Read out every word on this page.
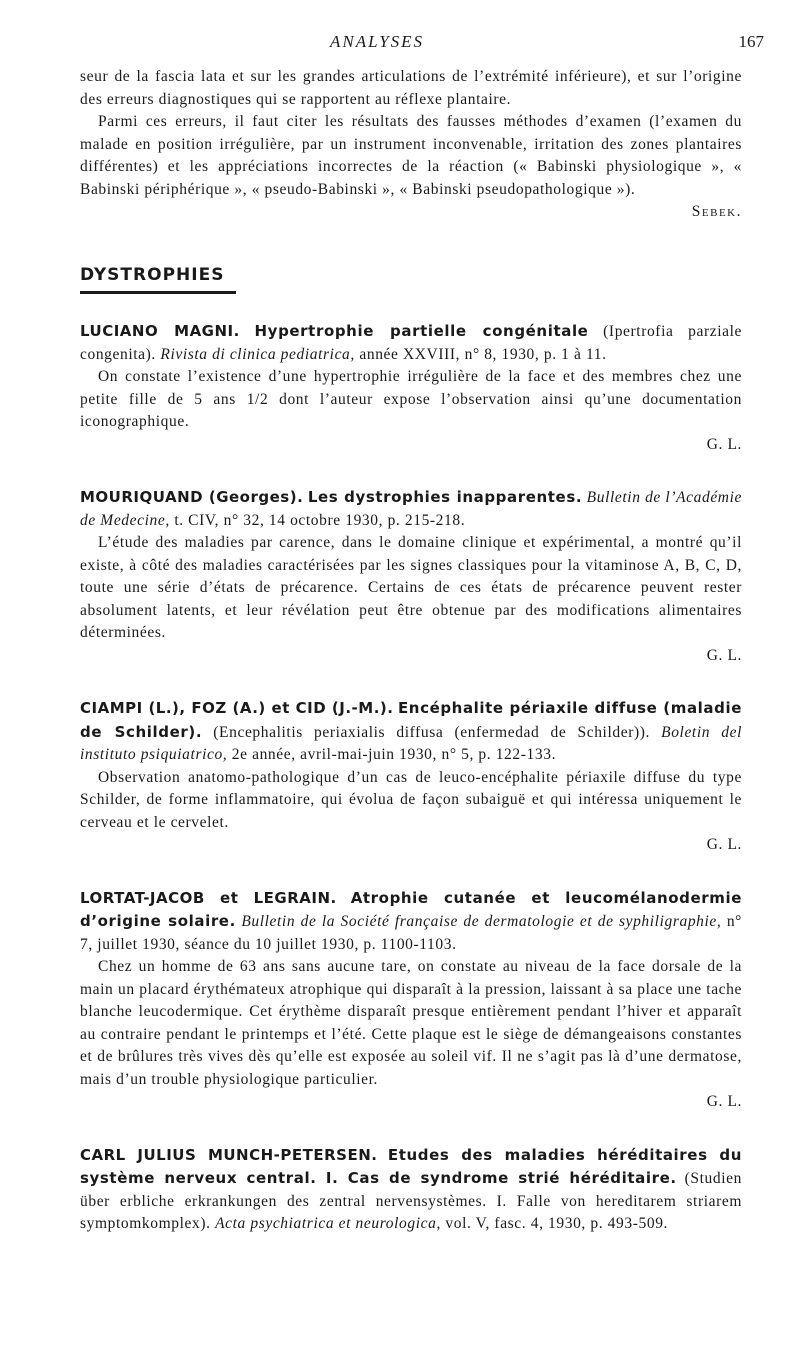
ANALYSES	167

seur de la fascia lata et sur les grandes articulations de l’extrémité inférieure), et sur l’origine des erreurs diagnostiques qui se rapportent au réflexe plantaire.

Parmi ces erreurs, il faut citer les résultats des fausses méthodes d’examen (l’examen du malade en position irrégulière, par un instrument inconvenable, irritation des zones plantaires différentes) et les appréciations incorrectes de la réaction (« Babinski physiologique », « Babinski périphérique », « pseudo-Babinski », « Babinski pseudopathologique »).

Sebek.
DYSTROPHIES

LUCIANO MAGNI. Hypertrophie partielle congénitale (Ipertrofia parziale congenita). Rivista di clinica pediatrica, année XXVIII, n° 8, 1930, p. 1 à 11.

On constate l’existence d’une hypertrophie irrégulière de la face et des membres chez une petite fille de 5 ans 1/2 dont l’auteur expose l’observation ainsi qu’une documentation iconographique.

G. L.

MOURIQUAND (Georges). Les dystrophies inapparentes. Bulletin de l’Académie de Medecine, t. CIV, n° 32, 14 octobre 1930, p. 215-218.

L’étude des maladies par carence, dans le domaine clinique et expérimental, a montré qu’il existe, à côté des maladies caractérisées par les signes classiques pour la vitaminose A, B, C, D, toute une série d’états de précarence. Certains de ces états de précarence peuvent rester absolument latents, et leur révélation peut être obtenue par des modifications alimentaires déterminées.

G. L.

CIAMPI (L.), FOZ (A.) et CID (J.-M.). Encéphalite périaxile diffuse (maladie de Schilder). (Encephalitis periaxialis diffusa (enfermedad de Schilder)). Boletin del instituto psiquiatrico, 2e année, avril-mai-juin 1930, n° 5, p. 122-133.

Observation anatomo-pathologique d’un cas de leuco-encéphalite périaxile diffuse du type Schilder, de forme inflammatoire, qui évolua de façon subaiguë et qui intéressa uniquement le cerveau et le cervelet.

G. L.

LORTAT-JACOB et LEGRAIN. Atrophie cutanée et leucomélanodermie d’origine solaire. Bulletin de la Société française de dermatologie et de syphiligraphie, n° 7, juillet 1930, séance du 10 juillet 1930, p. 1100-1103.

Chez un homme de 63 ans sans aucune tare, on constate au niveau de la face dorsale de la main un placard érythémateux atrophique qui disparaît à la pression, laissant à sa place une tache blanche leucodermique. Cet érythème disparaît presque entièrement pendant l’hiver et apparaît au contraire pendant le printemps et l’été. Cette plaque est le siège de démangeaisons constantes et de brûlures très vives dès qu’elle est exposée au soleil vif. Il ne s’agit pas là d’une dermatose, mais d’un trouble physiologique particulier.

G. L.

CARL JULIUS MUNCH-PETERSEN. Etudes des maladies héréditaires du système nerveux central. I. Cas de syndrome strié héréditaire. (Studien über erbliche erkrankungen des zentral nervensystèmes. I. Falle von hereditarem striarem symptomkomplex). Acta psychiatrica et neurologica, vol. V, fasc. 4, 1930, p. 493-509.
